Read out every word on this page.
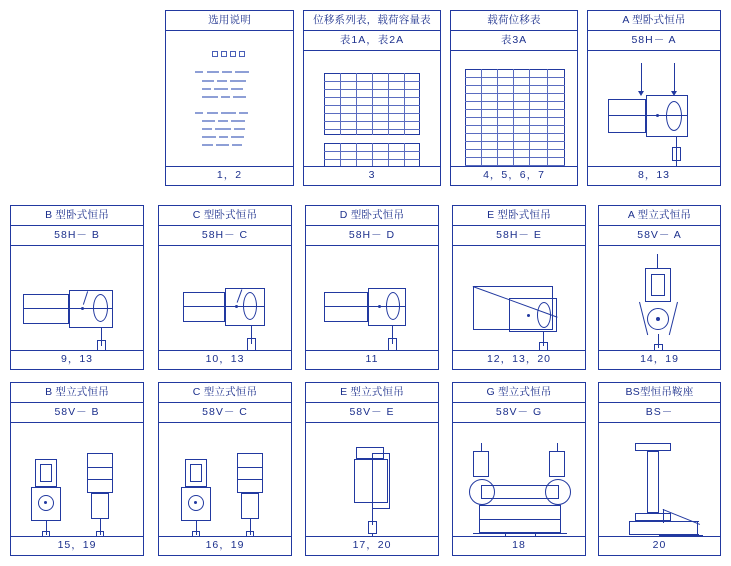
选用说明
1，2
位移系列表，载荷容量表
表1A，表2A
3
载荷位移表
表3A
4，5，6，7
A 型卧式恒吊
58H－ A
8，13
B 型卧式恒吊
58H－ B
9，13
C 型卧式恒吊
58H－ C
10，13
D 型卧式恒吊
58H－ D
11
E 型卧式恒吊
58H－ E
12，13，20
A 型立式恒吊
58V－ A
14，19
B 型立式恒吊
58V－ B
15，19
C 型立式恒吊
58V－ C
16，19
E 型立式恒吊
58V－ E
17，20
G 型立式恒吊
58V－ G
18
BS型恒吊鞍座
BS－
20
